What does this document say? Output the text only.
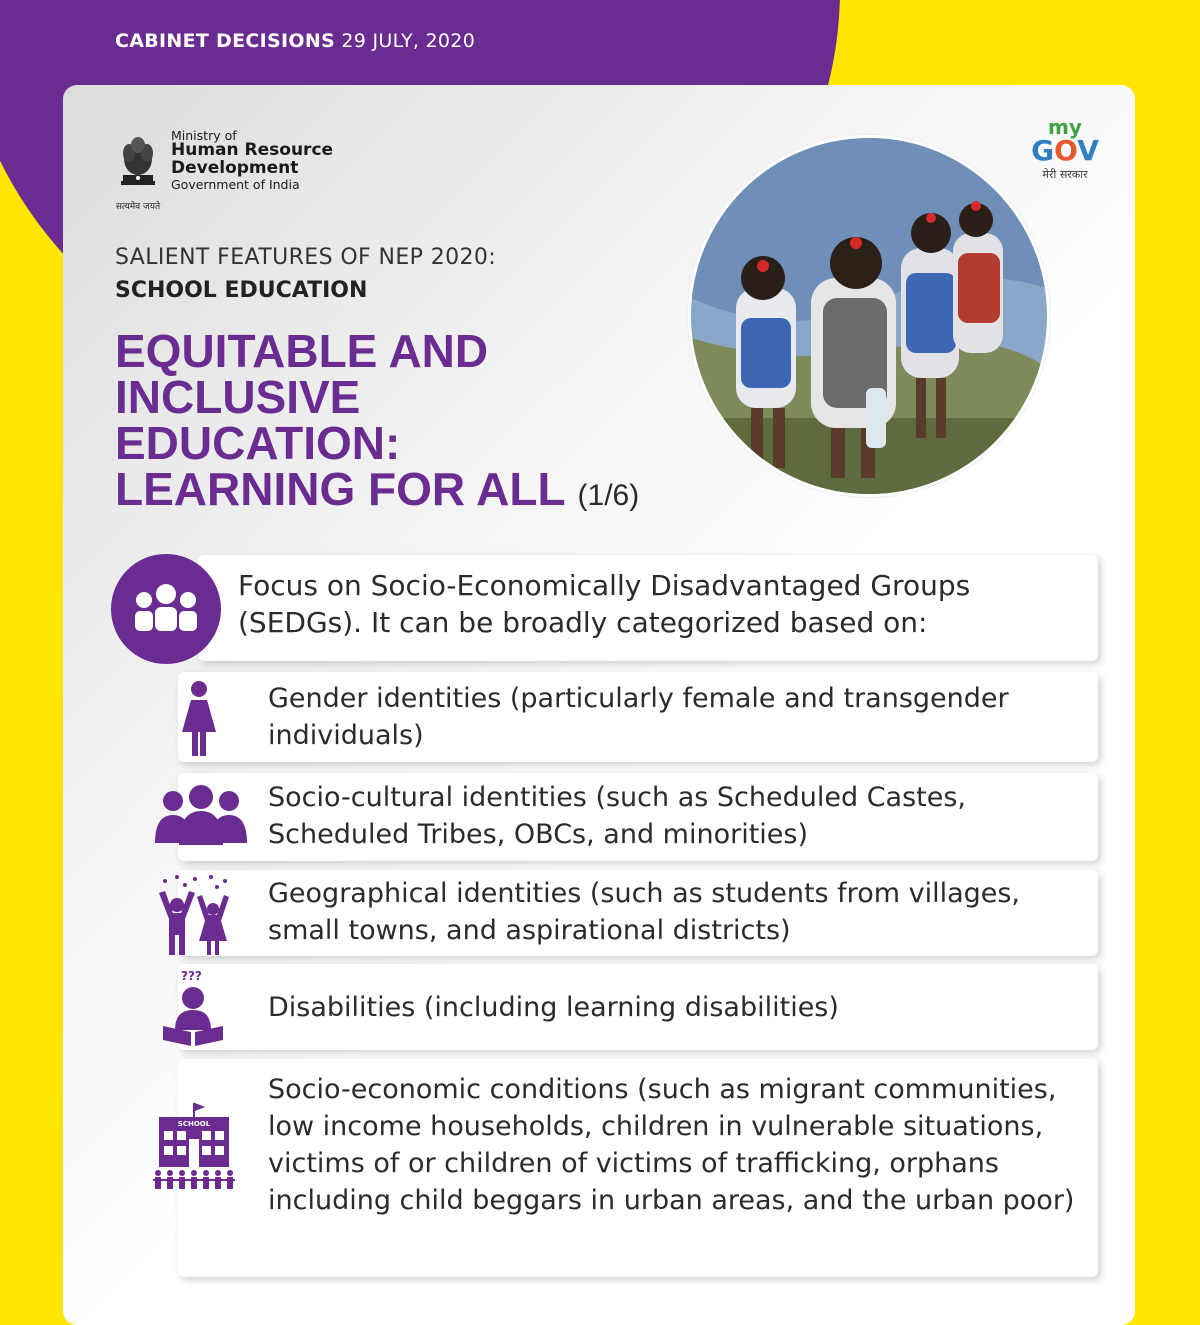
CABINET DECISIONS 29 JULY, 2020
सत्यमेव जयते
Ministry of
Human Resource
Development
Government of India
my
GOV
मेरी सरकार
SALIENT FEATURES OF NEP 2020:
SCHOOL EDUCATION
EQUITABLE AND
INCLUSIVE
EDUCATION:
LEARNING FOR ALL (1/6)
Focus on Socio-Economically Disadvantaged Groups (SEDGs). It can be broadly categorized based on:
Gender identities (particularly female and transgender individuals)
Socio-cultural identities (such as Scheduled Castes, Scheduled Tribes, OBCs, and minorities)
Geographical identities (such as students from villages, small towns, and aspirational districts)
Disabilities (including learning disabilities)
???
Socio-economic conditions (such as migrant communities, low income households, children in vulnerable situations, victims of or children of victims of trafficking, orphans including child beggars in urban areas, and the urban poor)
SCHOOL
